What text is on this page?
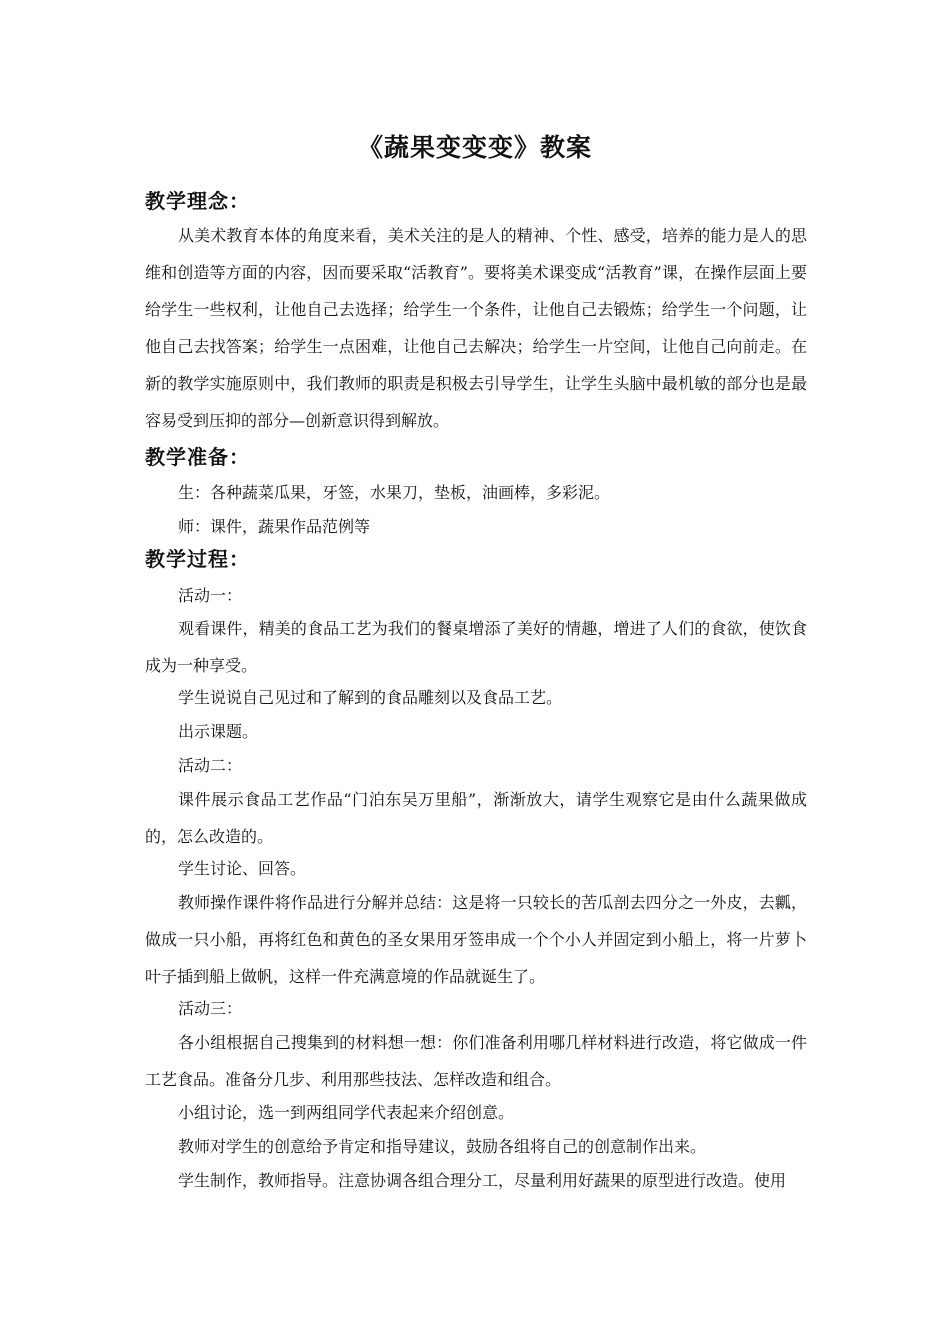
《蔬果变变变》教案
教学理念：

从美术教育本体的角度来看，美术关注的是人的精神、个性、感受，培养的能力是人的思维和创造等方面的内容，因而要采取“活教育”。要将美术课变成“活教育”课，在操作层面上要给学生一些权利，让他自己去选择；给学生一个条件，让他自己去锻炼；给学生一个问题，让他自己去找答案；给学生一点困难，让他自己去解决；给学生一片空间，让他自己向前走。在新的教学实施原则中，我们教师的职责是积极去引导学生，让学生头脑中最机敏的部分也是最容易受到压抑的部分—创新意识得到解放。

教学准备：

生：各种蔬菜瓜果，牙签，水果刀，垫板，油画棒，多彩泥。

师：课件，蔬果作品范例等

教学过程：

活动一：

观看课件，精美的食品工艺为我们的餐桌增添了美好的情趣，增进了人们的食欲，使饮食成为一种享受。

学生说说自己见过和了解到的食品雕刻以及食品工艺。

出示课题。

活动二：

课件展示食品工艺作品“门泊东吴万里船”，渐渐放大，请学生观察它是由什么蔬果做成的，怎么改造的。

学生讨论、回答。

教师操作课件将作品进行分解并总结：这是将一只较长的苦瓜剖去四分之一外皮，去瓤，做成一只小船，再将红色和黄色的圣女果用牙签串成一个个小人并固定到小船上，将一片萝卜叶子插到船上做帆，这样一件充满意境的作品就诞生了。

活动三：

各小组根据自己搜集到的材料想一想：你们准备利用哪几样材料进行改造，将它做成一件工艺食品。准备分几步、利用那些技法、怎样改造和组合。

小组讨论，选一到两组同学代表起来介绍创意。

教师对学生的创意给予肯定和指导建议，鼓励各组将自己的创意制作出来。

学生制作，教师指导。注意协调各组合理分工，尽量利用好蔬果的原型进行改造。使用
